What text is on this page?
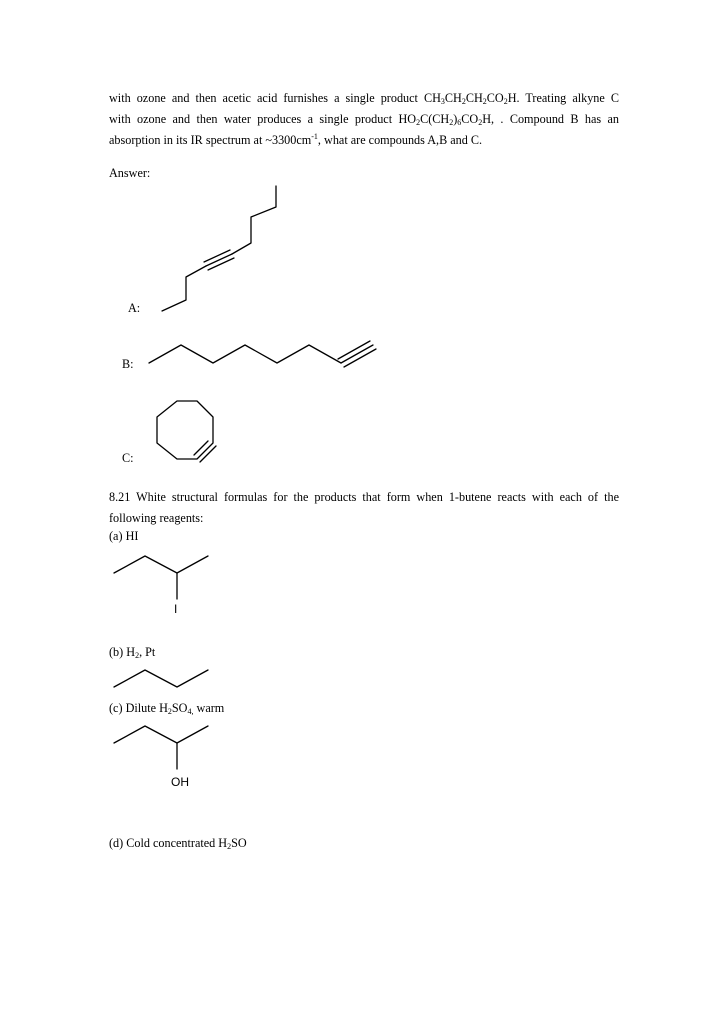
with ozone and then acetic acid furnishes a single product $CH_3CH_2CH_2CO_2H$. Treating alkyne C
with ozone and then water produces a single product $HO_2C(CH_2)_6CO_2H$, . Compound B has an
absorption in its IR spectrum at $\sim 3300cm^{-1}$, what are compounds A,B and C.
Answer:
A:
B:
C:
8.21 White structural formulas for the products that form when 1-butene reacts with each of the
following reagents:
(a) HI
(b) $H_2$, Pt
(c) Dilute $H_2SO_{4,}$ warm
(d) Cold concentrated $H_2SO$
I
OH
